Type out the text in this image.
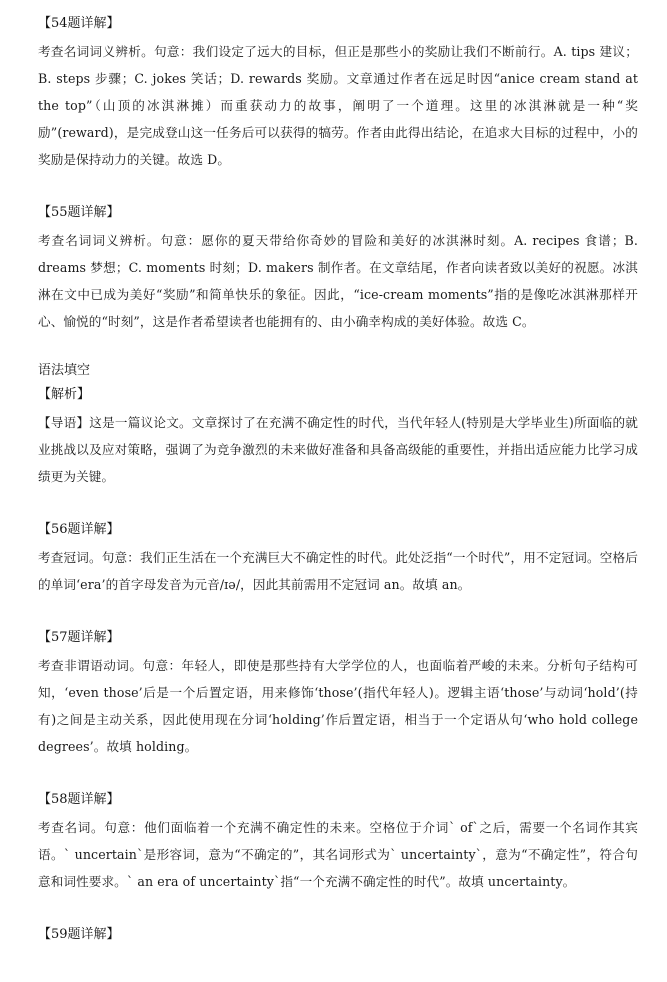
【54题详解】

考查名词词义辨析。句意：我们设定了远大的目标，但正是那些小的奖励让我们不断前行。A. tips 建议；B. steps 步骤；C. jokes 笑话；D. rewards 奖励。文章通过作者在远足时因“anice cream stand at the top”（山顶的冰淇淋摊）而重获动力的故事，阐明了一个道理。这里的冰淇淋就是一种“奖励”(reward)，是完成登山这一任务后可以获得的犒劳。作者由此得出结论，在追求大目标的过程中，小的奖励是保持动力的关键。故选 D。

【55题详解】

考查名词词义辨析。句意：愿你的夏天带给你奇妙的冒险和美好的冰淇淋时刻。A. recipes 食谱；B. dreams 梦想；C. moments 时刻；D. makers 制作者。在文章结尾，作者向读者致以美好的祝愿。冰淇淋在文中已成为美好“奖励”和简单快乐的象征。因此，“ice-cream moments”指的是像吃冰淇淋那样开心、愉悦的“时刻”，这是作者希望读者也能拥有的、由小确幸构成的美好体验。故选 C。

语法填空
【解析】

【导语】这是一篇议论文。文章探讨了在充满不确定性的时代，当代年轻人(特别是大学毕业生)所面临的就业挑战以及应对策略，强调了为竞争激烈的未来做好准备和具备高级能的重要性，并指出适应能力比学习成绩更为关键。

【56题详解】

考查冠词。句意：我们正生活在一个充满巨大不确定性的时代。此处泛指“一个时代”，用不定冠词。空格后的单词‘era’的首字母发音为元音/ɪə/，因此其前需用不定冠词 an。故填 an。

【57题详解】

考查非谓语动词。句意：年轻人，即使是那些持有大学学位的人，也面临着严峻的未来。分析句子结构可知，‘even those’后是一个后置定语，用来修饰‘those’(指代年轻人)。逻辑主语‘those’与动词‘hold’(持有)之间是主动关系，因此使用现在分词‘holding’作后置定语，相当于一个定语从句‘who hold college degrees’。故填 holding。

【58题详解】

考查名词。句意：他们面临着一个充满不确定性的未来。空格位于介词` of`之后，需要一个名词作其宾语。` uncertain`是形容词，意为“不确定的”，其名词形式为` uncertainty`，意为“不确定性”，符合句意和词性要求。` an era of uncertainty`指“一个充满不确定性的时代”。故填 uncertainty。

【59题详解】
